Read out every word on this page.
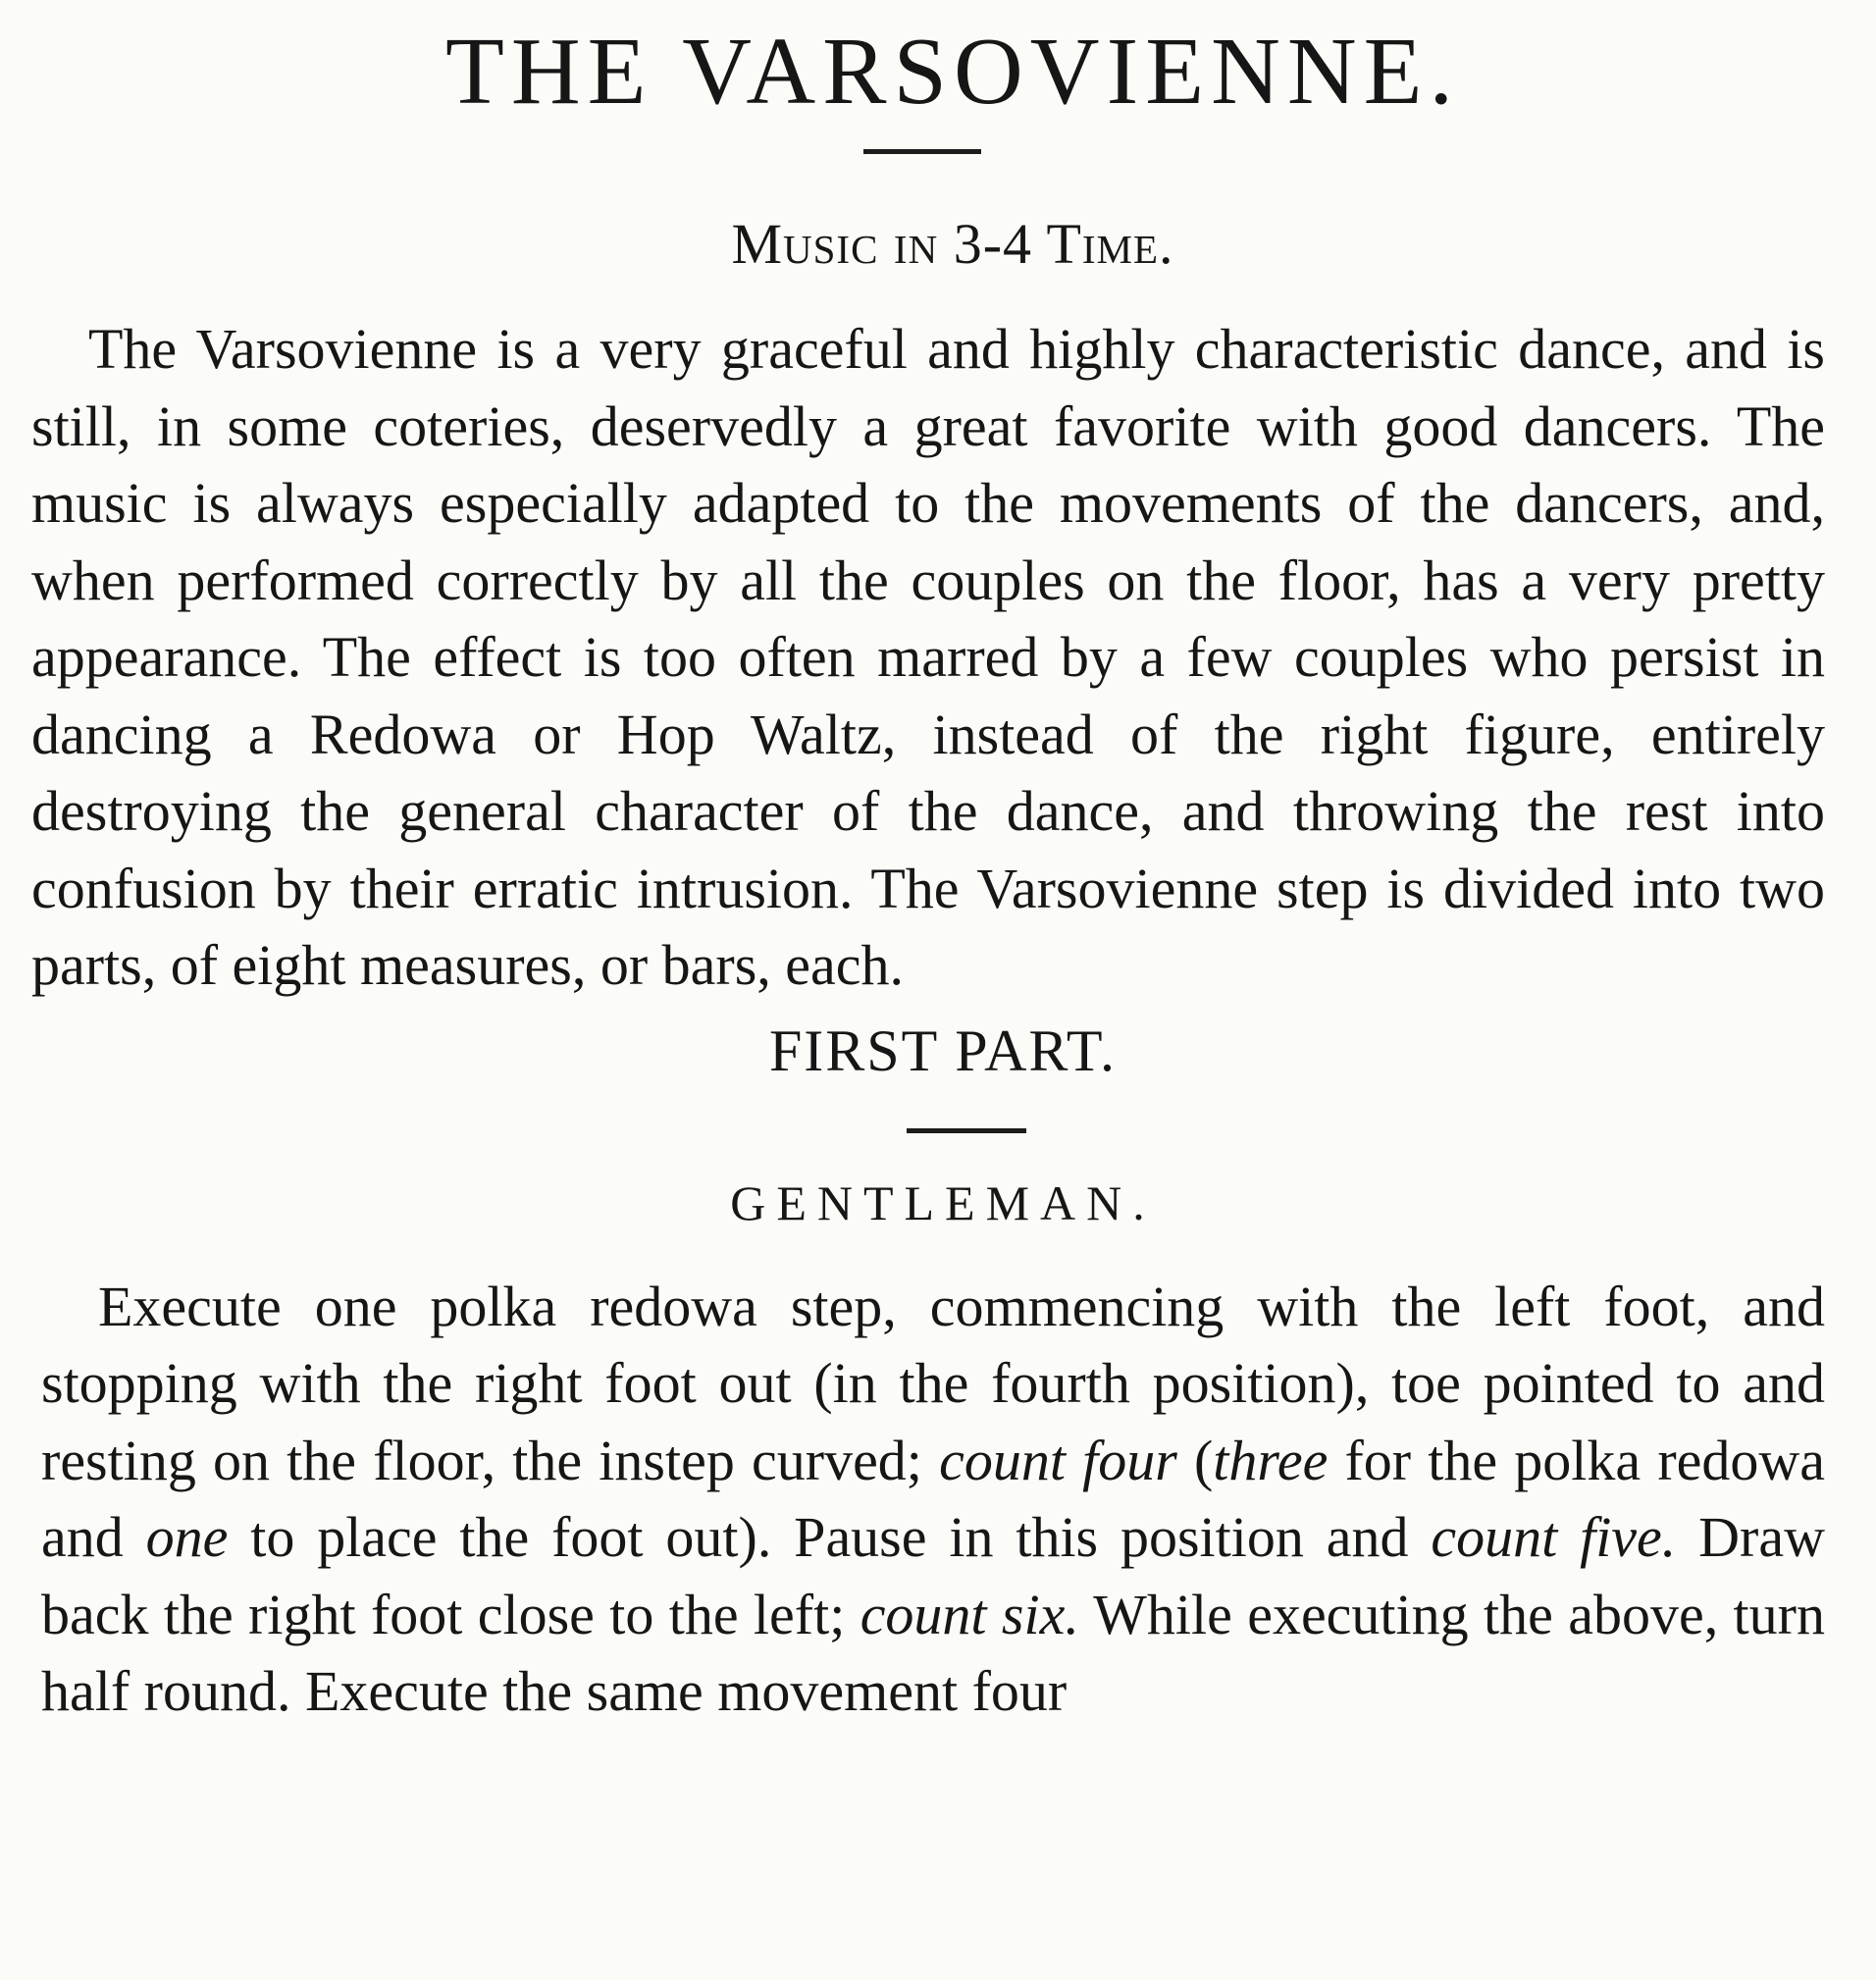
THE VARSOVIENNE.
Music in 3-4 Time.

The Varsovienne is a very graceful and highly characteristic dance, and is still, in some coteries, deservedly a great favorite with good dancers. The music is always especially adapted to the movements of the dancers, and, when performed correctly by all the couples on the floor, has a very pretty appearance. The effect is too often marred by a few couples who persist in dancing a Redowa or Hop Waltz, instead of the right figure, entirely destroying the general character of the dance, and throwing the rest into confusion by their erratic intrusion. The Varsovienne step is divided into two parts, of eight measures, or bars, each.

FIRST PART.
GENTLEMAN.

Execute one polka redowa step, commencing with the left foot, and stopping with the right foot out (in the fourth position), toe pointed to and resting on the floor, the instep curved; count four (three for the polka redowa and one to place the foot out). Pause in this position and count five. Draw back the right foot close to the left; count six. While executing the above, turn half round. Execute the same movement four
